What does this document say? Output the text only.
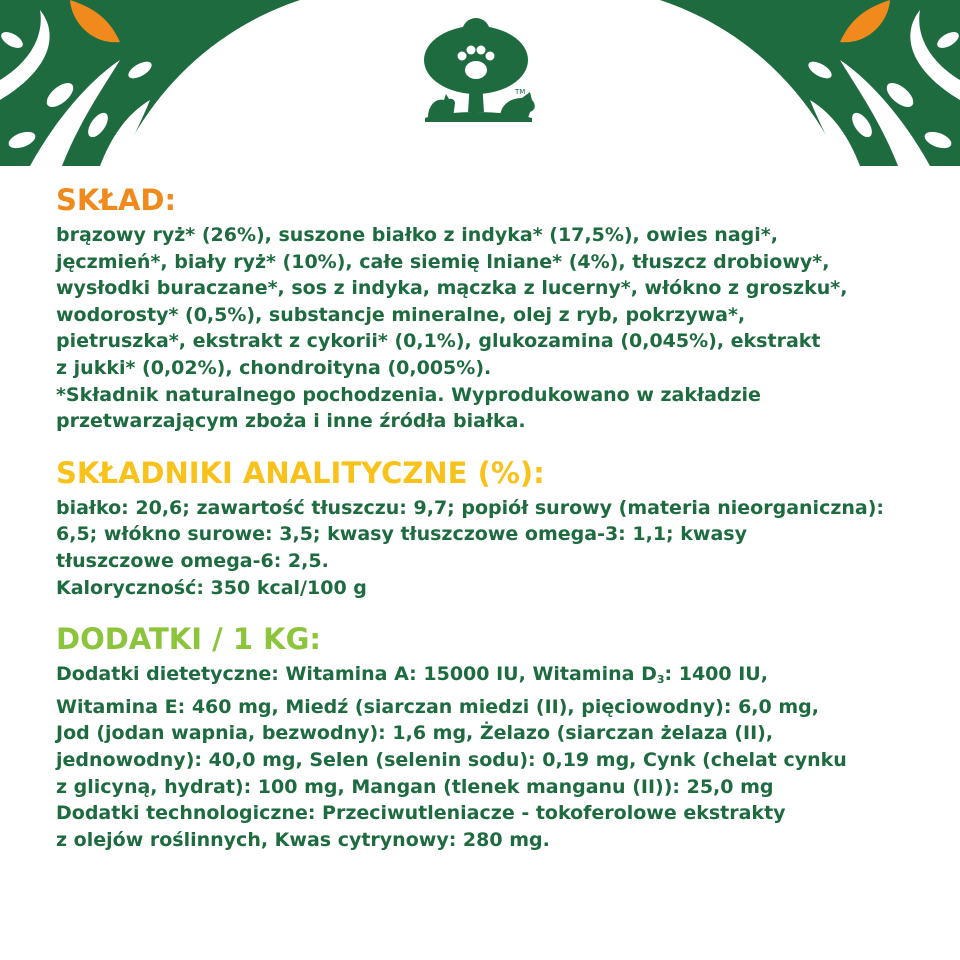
TM
SKŁAD:

brązowy ryż* (26%), suszone białko z indyka* (17,5%), owies nagi*,

jęczmień*, biały ryż* (10%), całe siemię lniane* (4%), tłuszcz drobiowy*,

wysłodki buraczane*, sos z indyka, mączka z lucerny*, włókno z groszku*,

wodorosty* (0,5%), substancje mineralne, olej z ryb, pokrzywa*,

pietruszka*, ekstrakt z cykorii* (0,1%), glukozamina (0,045%), ekstrakt

z jukki* (0,02%), chondroityna (0,005%).

*Składnik naturalnego pochodzenia. Wyprodukowano w zakładzie

przetwarzającym zboża i inne źródła białka.

SKŁADNIKI ANALITYCZNE (%):

białko: 20,6; zawartość tłuszczu: 9,7; popiół surowy (materia nieorganiczna):

6,5; włókno surowe: 3,5; kwasy tłuszczowe omega-3: 1,1; kwasy

tłuszczowe omega-6: 2,5.

Kaloryczność: 350 kcal/100 g

DODATKI / 1 KG:

Dodatki dietetyczne: Witamina A: 15000 IU, Witamina $D_3$: 1400 IU,

Witamina E: 460 mg, Miedź (siarczan miedzi (II), pięciowodny): 6,0 mg,

Jod (jodan wapnia, bezwodny): 1,6 mg, Żelazo (siarczan żelaza (II),

jednowodny): 40,0 mg, Selen (selenin sodu): 0,19 mg, Cynk (chelat cynku

z glicyną, hydrat): 100 mg, Mangan (tlenek manganu (II)): 25,0 mg

Dodatki technologiczne: Przeciwutleniacze - tokoferolowe ekstrakty

z olejów roślinnych, Kwas cytrynowy: 280 mg.
